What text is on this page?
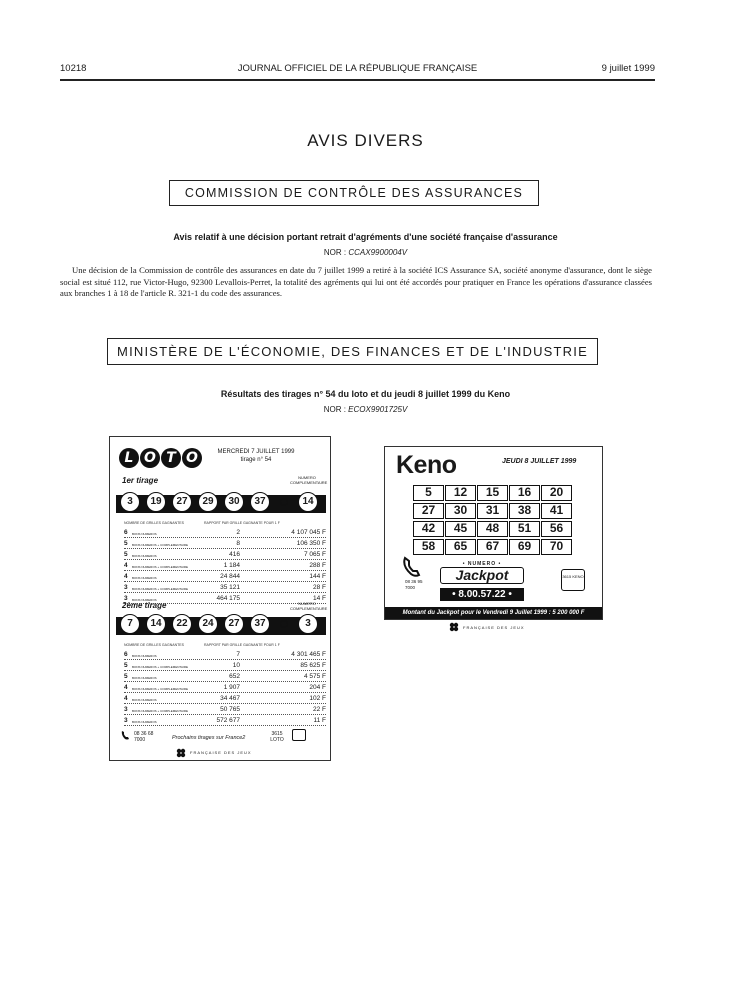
10218	JOURNAL OFFICIEL DE LA RÉPUBLIQUE FRANÇAISE	9 juillet 1999
AVIS DIVERS
COMMISSION DE CONTRÔLE DES ASSURANCES
Avis relatif à une décision portant retrait d'agréments d'une société française d'assurance
NOR : CCAX9900004V

Une décision de la Commission de contrôle des assurances en date du 7 juillet 1999 a retiré à la société ICS Assurance SA, société anonyme d'assurance, dont le siège social est situé 112, rue Victor-Hugo, 92300 Levallois-Perret, la totalité des agréments qui lui ont été accordés pour pratiquer en France les opérations d'assurance classées aux branches 1 à 18 de l'article R. 321-1 du code des assurances.

MINISTÈRE DE L'ÉCONOMIE, DES FINANCES ET DE L'INDUSTRIE
Résultats des tirages n° 54 du loto et du jeudi 8 juillet 1999 du Keno
NOR : ECOX9901725V
L O T O	MERCREDI 7 JUILLET 1999
tirage n° 54
1er tirage	NUMERO COMPLEMENTAIRE
3	19	27	29	30	37	14
NOMBRE DE GRILLES GAGNANTES	RAPPORT PAR GRILLE GAGNANTE POUR 1 F
6 BONS NUMEROS	2	4 107 045 F
5 BONS NUMEROS + COMPLEMENTAIRE	8	106 350 F
5 BONS NUMEROS	416	7 065 F
4 BONS NUMEROS + COMPLEMENTAIRE	1 184	288 F
4 BONS NUMEROS	24 844	144 F
3 BONS NUMEROS + COMPLEMENTAIRE	35 121	28 F
3 BONS NUMEROS	464 175	14 F
2ème tirage	NUMERO COMPLEMENTAIRE
7	14	22	24	27	37	3
NOMBRE DE GRILLES GAGNANTES	RAPPORT PAR GRILLE GAGNANTE POUR 1 F
6 BONS NUMEROS	7	4 301 465 F
5 BONS NUMEROS + COMPLEMENTAIRE	10	85 625 F
5 BONS NUMEROS	652	4 575 F
4 BONS NUMEROS + COMPLEMENTAIRE	1 907	204 F
4 BONS NUMEROS	34 467	102 F
3 BONS NUMEROS + COMPLEMENTAIRE	50 765	22 F
3 BONS NUMEROS	572 677	11 F
08 36 68
7000	Prochains tirages sur France2
3615 LOTO
FRANÇAISE DES JEUX
Keno	JEUDI 8 JUILLET 1999
5	12	15	16	20
27	30	31	38	41
42	45	48	51	56
58	65	67	69	70
08 36 95
7000
• NUMERO •
Jackpot
• 8.00.57.22 •
3615 KENO
Montant du Jackpot pour le Vendredi 9 Juillet 1999 : 5 200 000 F
FRANÇAISE DES JEUX
